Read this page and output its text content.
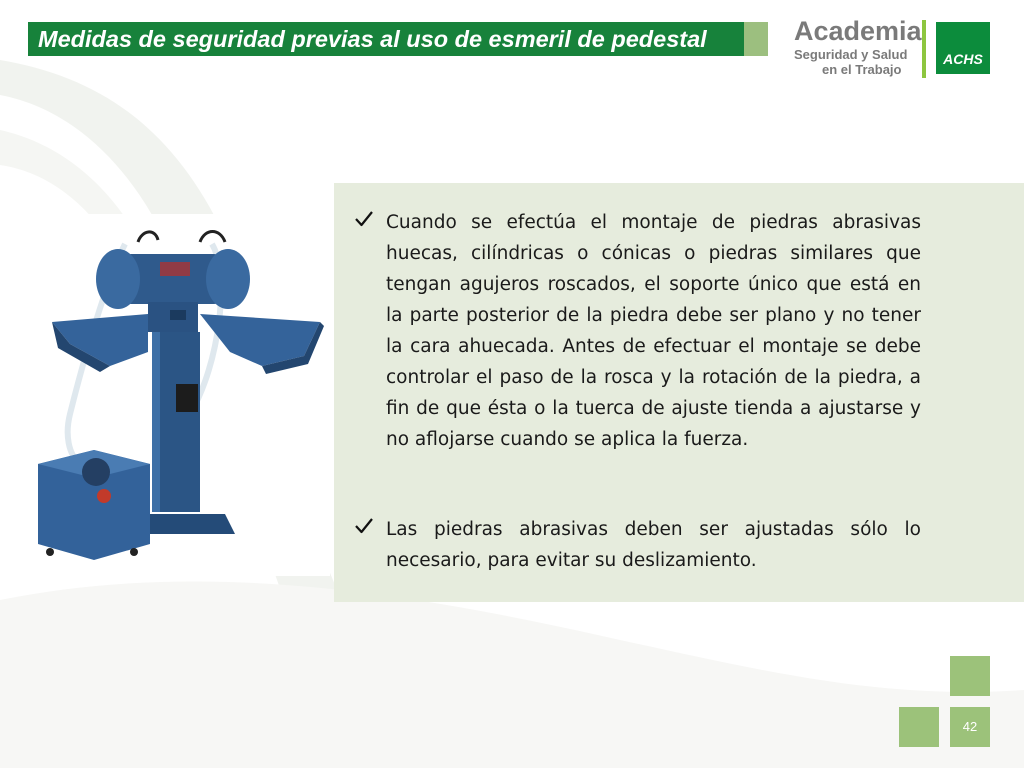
Medidas de seguridad previas al uso de esmeril de pedestal	Academia
Seguridad y Salud
en el Trabajo
ACHS

Cuando se efectúa el montaje de piedras abrasivas huecas, cilíndricas o cónicas o piedras similares que tengan agujeros roscados, el soporte único que está en la parte posterior de la piedra debe ser plano y no tener la cara ahuecada. Antes de efectuar el montaje se debe controlar el paso de la rosca y la rotación de la piedra, a fin de que ésta o la tuerca de ajuste tienda a ajustarse y no aflojarse cuando se aplica la fuerza.

Las piedras abrasivas deben ser ajustadas sólo lo necesario, para evitar su deslizamiento.

42
